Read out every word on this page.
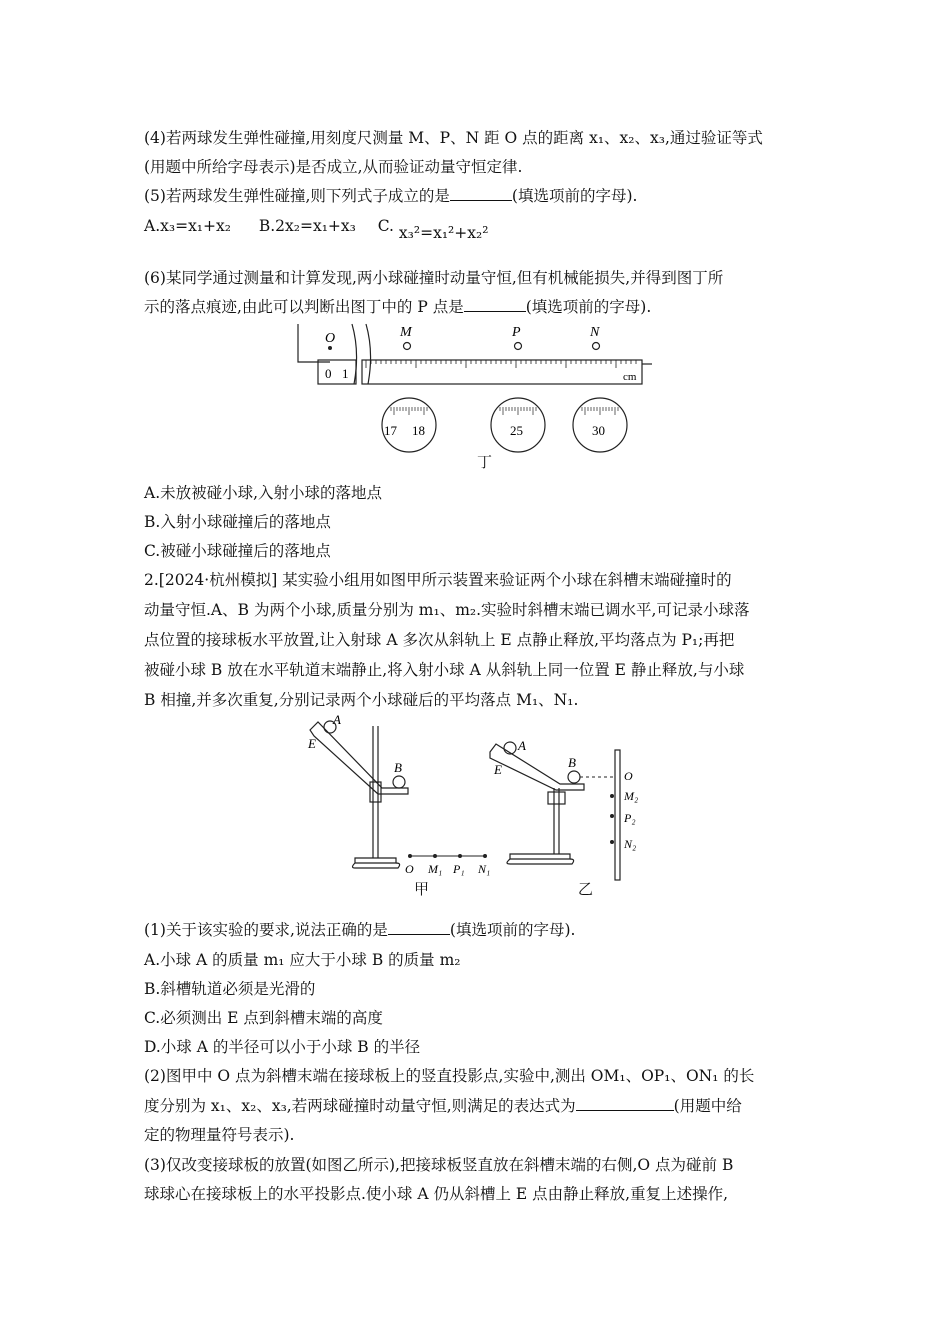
(4)若两球发生弹性碰撞,用刻度尺测量 M、P、N 距 O 点的距离 x₁、x₂、x₃,通过验证等式
(用题中所给字母表示)是否成立,从而验证动量守恒定律.
(5)若两球发生弹性碰撞,则下列式子成立的是	(填选项前的字母).
A.x₃=x₁+x₂ B.2x₂=x₁+x₃ C. x₃²=x₁²+x₂²
(6)某同学通过测量和计算发现,两小球碰撞时动量守恒,但有机械能损失,并得到图丁所
示的落点痕迹,由此可以判断出图丁中的 P 点是	(填选项前的字母).
O	M	P	N
0 1	cm
17 18	25	30
丁
A.未放被碰小球,入射小球的落地点
B.入射小球碰撞后的落地点
C.被碰小球碰撞后的落地点
2.[2024·杭州模拟] 某实验小组用如图甲所示装置来验证两个小球在斜槽末端碰撞时的
动量守恒.A、B 为两个小球,质量分别为 m₁、m₂.实验时斜槽末端已调水平,可记录小球落
点位置的接球板水平放置,让入射球 A 多次从斜轨上 E 点静止释放,平均落点为 P₁;再把
被碰小球 B 放在水平轨道末端静止,将入射小球 A 从斜轨上同一位置 E 静止释放,与小球
B 相撞,并多次重复,分别记录两个小球碰后的平均落点 M₁、N₁.
A
E
B
O M₁ P₁ N₁
甲
A
E	B
O
M₂
P₂
N₂
乙
(1)关于该实验的要求,说法正确的是	(填选项前的字母).
A.小球 A 的质量 m₁ 应大于小球 B 的质量 m₂
B.斜槽轨道必须是光滑的
C.必须测出 E 点到斜槽末端的高度
D.小球 A 的半径可以小于小球 B 的半径
(2)图甲中 O 点为斜槽末端在接球板上的竖直投影点,实验中,测出 OM₁、OP₁、ON₁ 的长
度分别为 x₁、x₂、x₃,若两球碰撞时动量守恒,则满足的表达式为	(用题中给
定的物理量符号表示).
(3)仅改变接球板的放置(如图乙所示),把接球板竖直放在斜槽末端的右侧,O 点为碰前 B
球球心在接球板上的水平投影点.使小球 A 仍从斜槽上 E 点由静止释放,重复上述操作,
